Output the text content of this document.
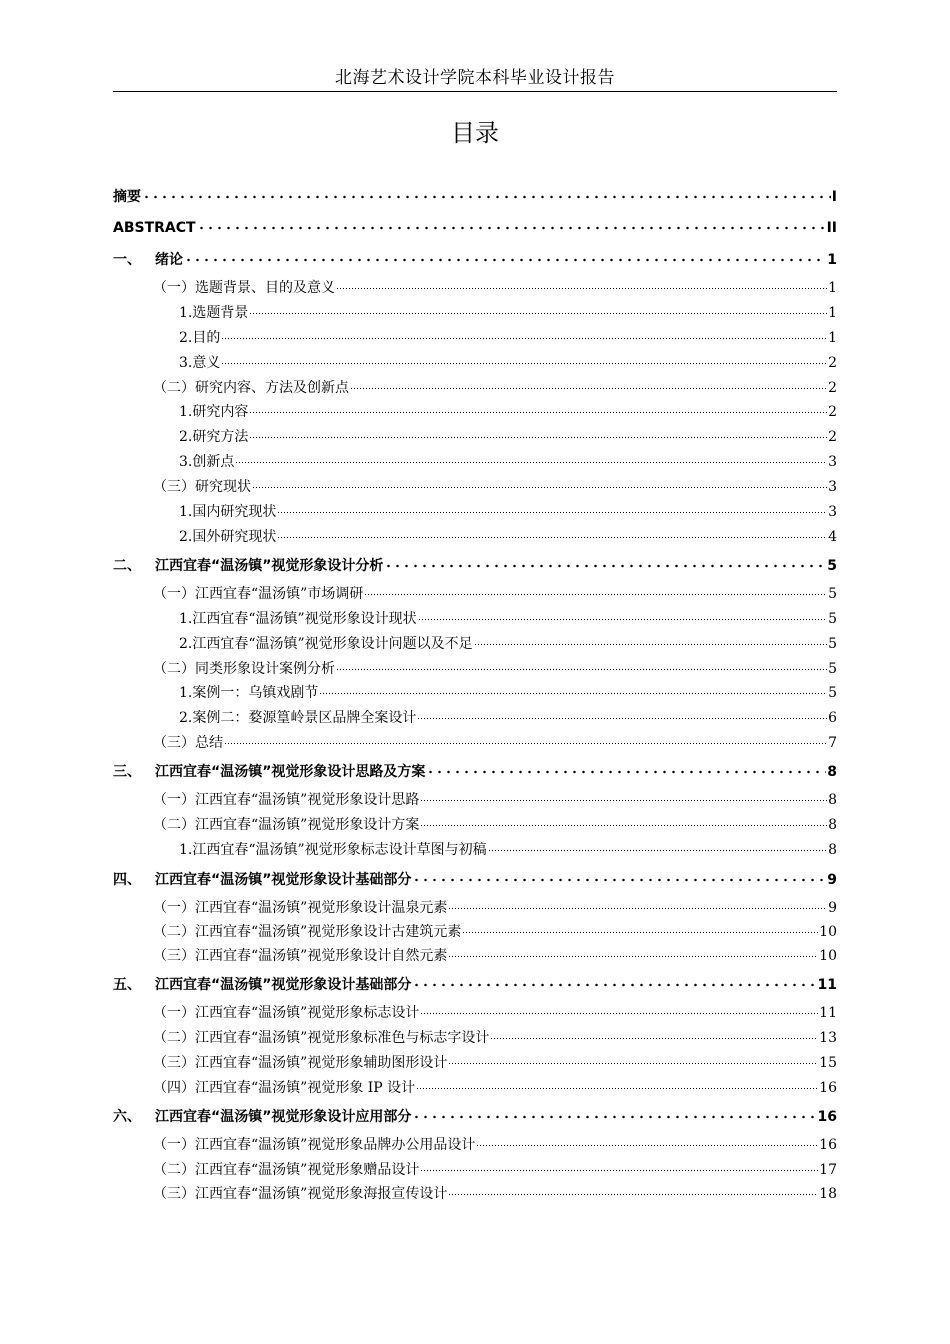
北海艺术设计学院本科毕业设计报告
目录
摘要	I
ABSTRACT	II
一、	绪论	1
（一）选题背景、目的及意义	1
1.选题背景	1
2.目的	1
3.意义	2
（二）研究内容、方法及创新点	2
1.研究内容	2
2.研究方法	2
3.创新点	3
（三）研究现状	3
1.国内研究现状	3
2.国外研究现状	4
二、	江西宜春“温汤镇”视觉形象设计分析	5
（一）江西宜春“温汤镇”市场调研	5
1.江西宜春“温汤镇”视觉形象设计现状	5
2.江西宜春“温汤镇”视觉形象设计问题以及不足	5
（二）同类形象设计案例分析	5
1.案例一：乌镇戏剧节	5
2.案例二：婺源篁岭景区品牌全案设计	6
（三）总结	7
三、	江西宜春“温汤镇”视觉形象设计思路及方案	8
（一）江西宜春“温汤镇”视觉形象设计思路	8
（二）江西宜春“温汤镇”视觉形象设计方案	8
1.江西宜春“温汤镇”视觉形象标志设计草图与初稿	8
四、	江西宜春“温汤镇”视觉形象设计基础部分	9
（一）江西宜春“温汤镇”视觉形象设计温泉元素	9
（二）江西宜春“温汤镇”视觉形象设计古建筑元素	10
（三）江西宜春“温汤镇”视觉形象设计自然元素	10
五、	江西宜春“温汤镇”视觉形象设计基础部分	11
（一）江西宜春“温汤镇”视觉形象标志设计	11
（二）江西宜春“温汤镇”视觉形象标准色与标志字设计	13
（三）江西宜春“温汤镇”视觉形象辅助图形设计	15
（四）江西宜春“温汤镇”视觉形象 IP 设计	16
六、	江西宜春“温汤镇”视觉形象设计应用部分	16
（一）江西宜春“温汤镇”视觉形象品牌办公用品设计	16
（二）江西宜春“温汤镇”视觉形象赠品设计	17
（三）江西宜春“温汤镇”视觉形象海报宣传设计	18
